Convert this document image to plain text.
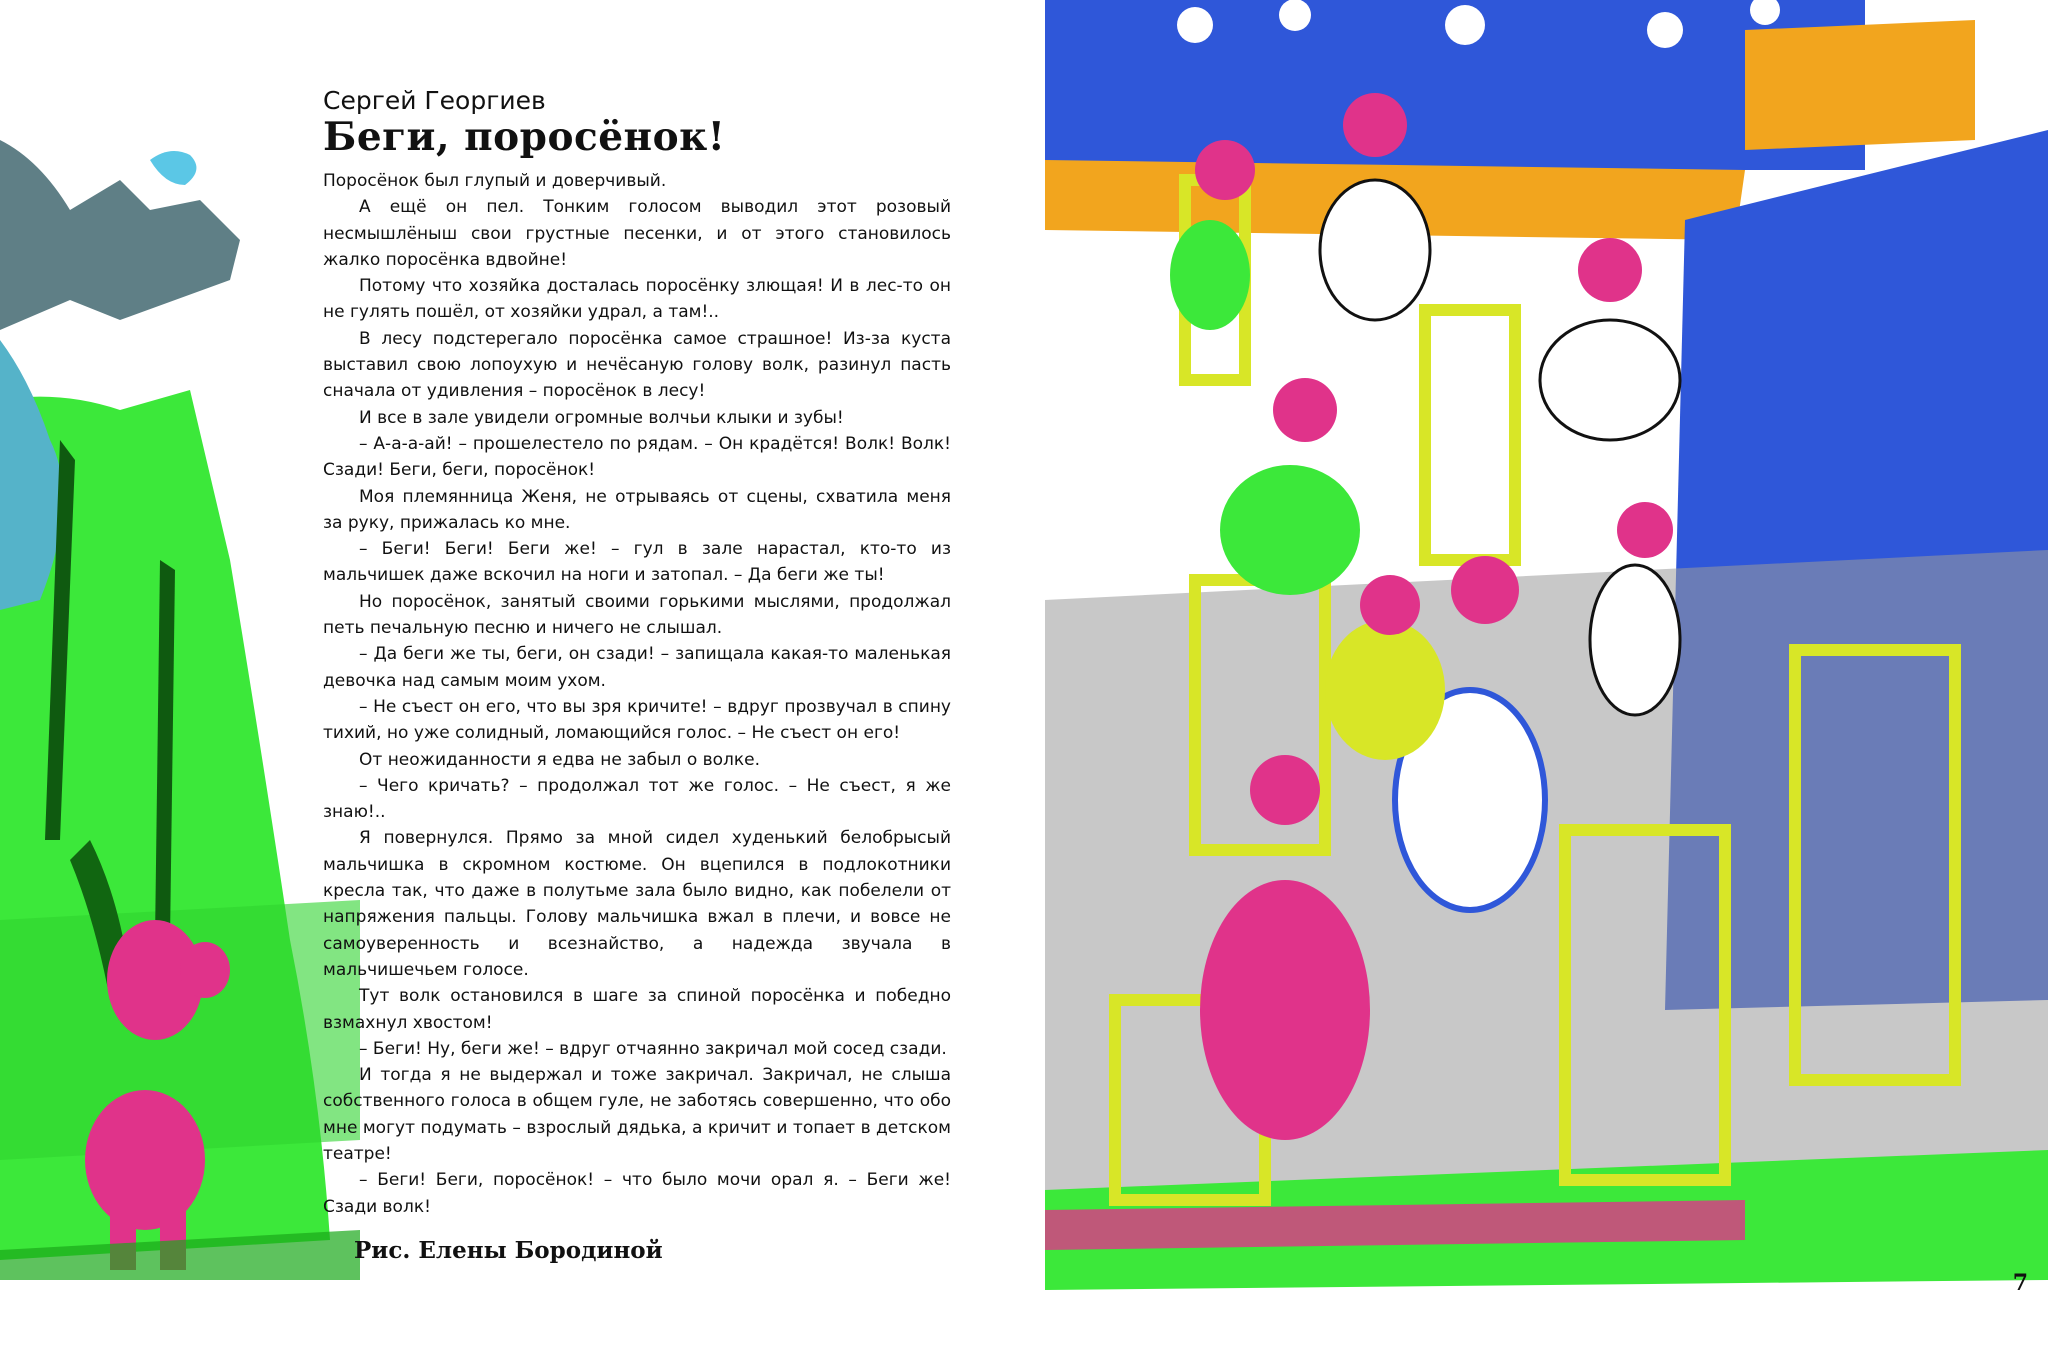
Сергей Георгиев
Беги, поросёнок!

Поросёнок был глупый и доверчивый.

А ещё он пел. Тонким голосом выводил этот розовый несмышлёныш свои грустные песенки, и от этого становилось жалко поросёнка вдвойне!

Потому что хозяйка досталась поросёнку злющая! И в лес-то он не гулять пошёл, от хозяйки удрал, а там!..

В лесу подстерегало поросёнка самое страшное! Из-за куста выставил свою лопоухую и нечёсаную голову волк, разинул пасть сначала от удивления – поросёнок в лесу!

И все в зале увидели огромные волчьи клыки и зубы!

– А-а-а-ай! – прошелестело по рядам. – Он крадётся! Волк! Волк! Сзади! Беги, беги, поросёнок!

Моя племянница Женя, не отрываясь от сцены, схватила меня за руку, прижалась ко мне.

– Беги! Беги! Беги же! – гул в зале нарастал, кто-то из мальчишек даже вскочил на ноги и затопал. – Да беги же ты!

Но поросёнок, занятый своими горькими мыслями, продолжал петь печальную песню и ничего не слышал.

– Да беги же ты, беги, он сзади! – запищала какая-то маленькая девочка над самым моим ухом.

– Не съест он его, что вы зря кричите! – вдруг прозвучал в спину тихий, но уже солидный, ломающийся голос. – Не съест он его!

От неожиданности я едва не забыл о волке.

– Чего кричать? – продолжал тот же голос. – Не съест, я же знаю!..

Я повернулся. Прямо за мной сидел худенький белобрысый мальчишка в скромном костюме. Он вцепился в подлокотники кресла так, что даже в полутьме зала было видно, как побелели от напряжения пальцы. Голову мальчишка вжал в плечи, и вовсе не самоуверенность и всезнайство, а надежда звучала в мальчишечьем голосе.

Тут волк остановился в шаге за спиной поросёнка и победно взмахнул хвостом!

– Беги! Ну, беги же! – вдруг отчаянно закричал мой сосед сзади.

И тогда я не выдержал и тоже закричал. Закричал, не слыша собственного голоса в общем гуле, не заботясь совершенно, что обо мне могут подумать – взрослый дядька, а кричит и топает в детском театре!

– Беги! Беги, поросёнок! – что было мочи орал я. – Беги же! Сзади волк!

Рис. Елены Бородиной
7
